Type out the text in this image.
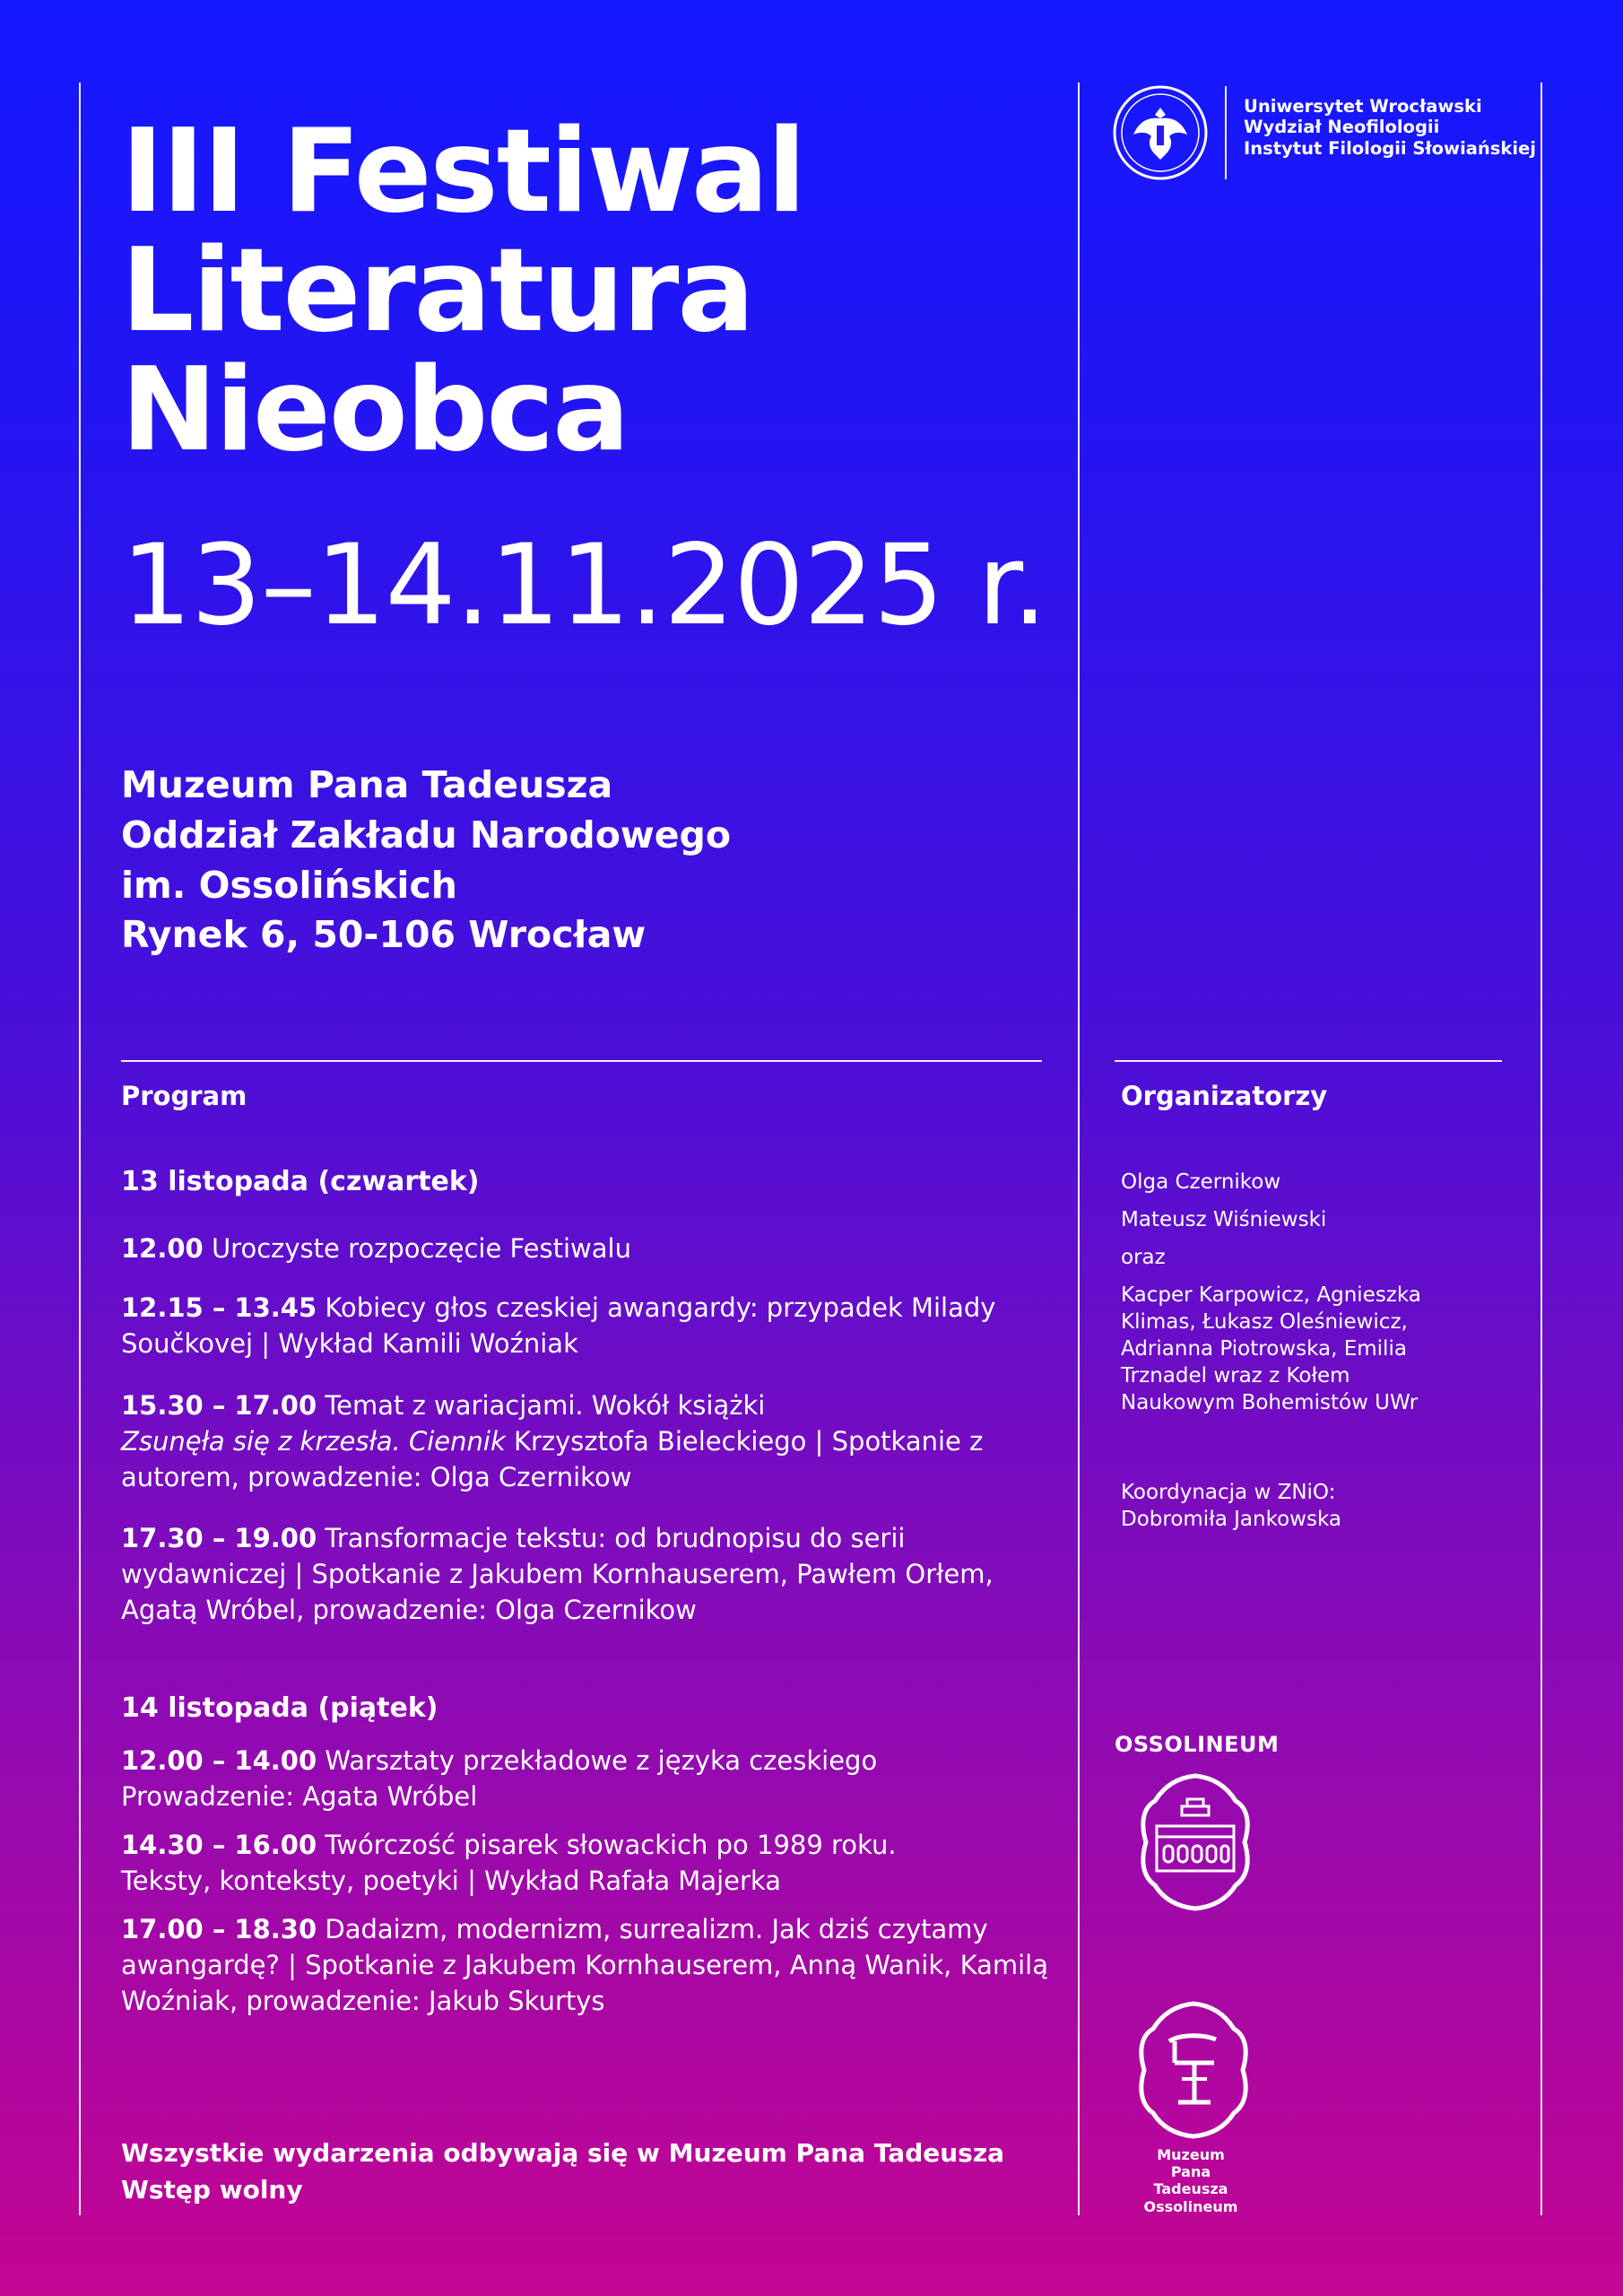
III Festiwal
Literatura
Nieobca
13–14.11.2025 r.
Muzeum Pana Tadeusza
Oddział Zakładu Narodowego
im. Ossolińskich
Rynek 6, 50-106 Wrocław
Uniwersytet Wrocławski
Wydział Neofilologii
Instytut Filologii Słowiańskiej
Program
13 listopada (czwartek)
12.00 Uroczyste rozpoczęcie Festiwalu
12.15 – 13.45 Kobiecy głos czeskiej awangardy: przypadek Milady Součkovej | Wykład Kamili Woźniak
15.30 – 17.00 Temat z wariacjami. Wokół książki
Zsunęła się z krzesła. Ciennik Krzysztofa Bieleckiego | Spotkanie z autorem, prowadzenie: Olga Czernikow
17.30 – 19.00 Transformacje tekstu: od brudnopisu do serii wydawniczej | Spotkanie z Jakubem Kornhauserem, Pawłem Orłem, Agatą Wróbel, prowadzenie: Olga Czernikow
14 listopada (piątek)
12.00 – 14.00 Warsztaty przekładowe z języka czeskiego
Prowadzenie: Agata Wróbel
14.30 – 16.00 Twórczość pisarek słowackich po 1989 roku.
Teksty, konteksty, poetyki | Wykład Rafała Majerka
17.00 – 18.30 Dadaizm, modernizm, surrealizm. Jak dziś czytamy awangardę? | Spotkanie z Jakubem Kornhauserem, Anną Wanik, Kamilą Woźniak, prowadzenie: Jakub Skurtys
Organizatorzy
Olga Czernikow
Mateusz Wiśniewski
oraz
Kacper Karpowicz, Agnieszka Klimas, Łukasz Oleśniewicz, Adrianna Piotrowska, Emilia Trznadel wraz z Kołem Naukowym Bohemistów UWr
Koordynacja w ZNiO: Dobromiła Jankowska
OSSOLINEUM
Muzeum
Pana
Tadeusza
Ossolineum
Wszystkie wydarzenia odbywają się w Muzeum Pana Tadeusza
Wstęp wolny
